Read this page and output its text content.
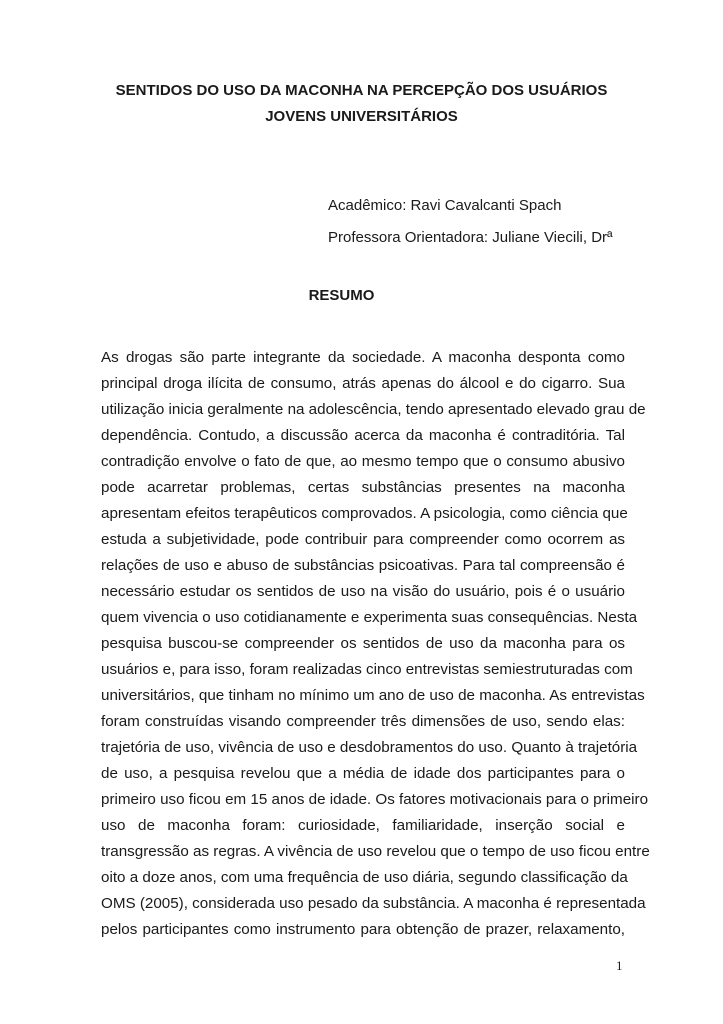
SENTIDOS DO USO DA MACONHA NA PERCEPÇÃO DOS USUÁRIOS
JOVENS UNIVERSITÁRIOS
Acadêmico: Ravi Cavalcanti Spach
Professora Orientadora: Juliane Viecili, Drª
RESUMO
As drogas são parte integrante da sociedade. A maconha desponta como
principal droga ilícita de consumo, atrás apenas do álcool e do cigarro. Sua
utilização inicia geralmente na adolescência, tendo apresentado elevado grau de
dependência. Contudo, a discussão acerca da maconha é contraditória. Tal
contradição envolve o fato de que, ao mesmo tempo que o consumo abusivo
pode acarretar problemas, certas substâncias presentes na maconha
apresentam efeitos terapêuticos comprovados. A psicologia, como ciência que
estuda a subjetividade, pode contribuir para compreender como ocorrem as
relações de uso e abuso de substâncias psicoativas. Para tal compreensão é
necessário estudar os sentidos de uso na visão do usuário, pois é o usuário
quem vivencia o uso cotidianamente e experimenta suas consequências. Nesta
pesquisa buscou-se compreender os sentidos de uso da maconha para os
usuários e, para isso, foram realizadas cinco entrevistas semiestruturadas com
universitários, que tinham no mínimo um ano de uso de maconha. As entrevistas
foram construídas visando compreender três dimensões de uso, sendo elas:
trajetória de uso, vivência de uso e desdobramentos do uso. Quanto à trajetória
de uso, a pesquisa revelou que a média de idade dos participantes para o
primeiro uso ficou em 15 anos de idade. Os fatores motivacionais para o primeiro
uso de maconha foram: curiosidade, familiaridade, inserção social e
transgressão as regras. A vivência de uso revelou que o tempo de uso ficou entre
oito a doze anos, com uma frequência de uso diária, segundo classificação da
OMS (2005), considerada uso pesado da substância. A maconha é representada
pelos participantes como instrumento para obtenção de prazer, relaxamento,
1
